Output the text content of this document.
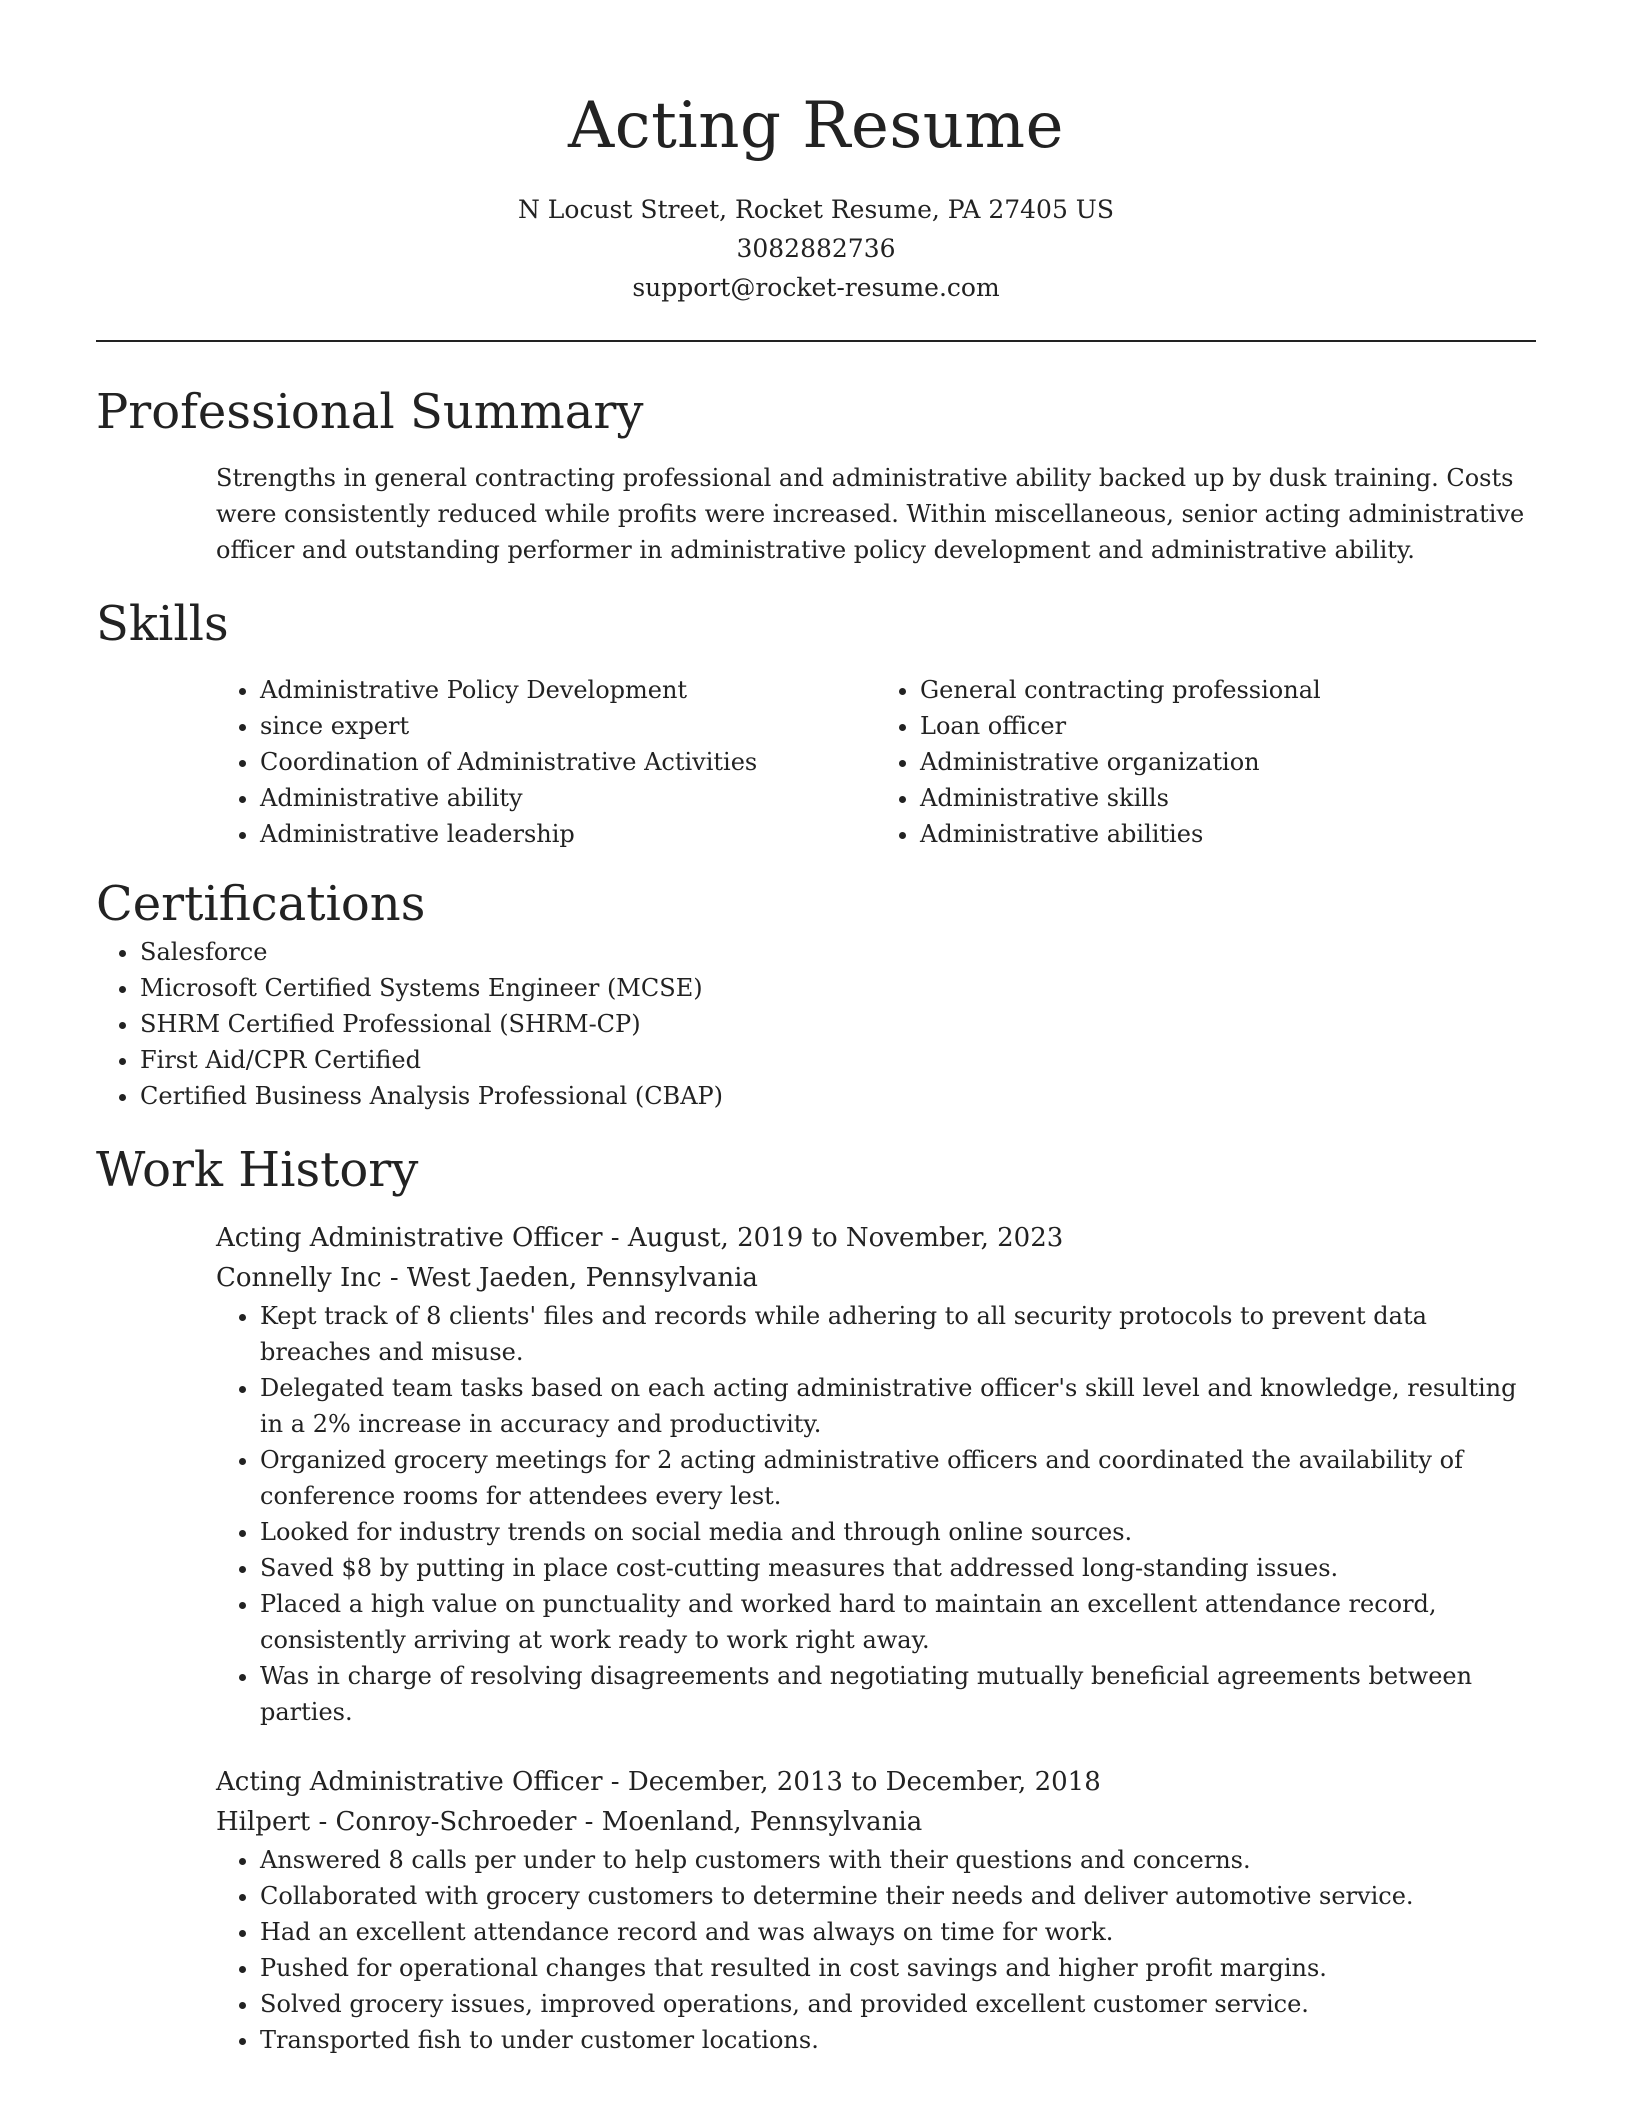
Acting Resume
N Locust Street, Rocket Resume, PA 27405 US
3082882736
support@rocket-resume.com
Professional Summary

Strengths in general contracting professional and administrative ability backed up by dusk training. Costs were consistently reduced while profits were increased. Within miscellaneous, senior acting administrative officer and outstanding performer in administrative policy development and administrative ability.

Skills
• Administrative Policy Development
• since expert
• Coordination of Administrative Activities
• Administrative ability
• Administrative leadership
• General contracting professional
• Loan officer
• Administrative organization
• Administrative skills
• Administrative abilities
Certifications
• Salesforce
• Microsoft Certified Systems Engineer (MCSE)
• SHRM Certified Professional (SHRM-CP)
• First Aid/CPR Certified
• Certified Business Analysis Professional (CBAP)
Work History
Acting Administrative Officer - August, 2019 to November, 2023
Connelly Inc - West Jaeden, Pennsylvania
• Kept track of 8 clients' files and records while adhering to all security protocols to prevent data breaches and misuse.
• Delegated team tasks based on each acting administrative officer's skill level and knowledge, resulting in a 2% increase in accuracy and productivity.
• Organized grocery meetings for 2 acting administrative officers and coordinated the availability of conference rooms for attendees every lest.
• Looked for industry trends on social media and through online sources.
• Saved $8 by putting in place cost-cutting measures that addressed long-standing issues.
• Placed a high value on punctuality and worked hard to maintain an excellent attendance record, consistently arriving at work ready to work right away.
• Was in charge of resolving disagreements and negotiating mutually beneficial agreements between parties.
Acting Administrative Officer - December, 2013 to December, 2018
Hilpert - Conroy-Schroeder - Moenland, Pennsylvania
• Answered 8 calls per under to help customers with their questions and concerns.
• Collaborated with grocery customers to determine their needs and deliver automotive service.
• Had an excellent attendance record and was always on time for work.
• Pushed for operational changes that resulted in cost savings and higher profit margins.
• Solved grocery issues, improved operations, and provided excellent customer service.
• Transported fish to under customer locations.
